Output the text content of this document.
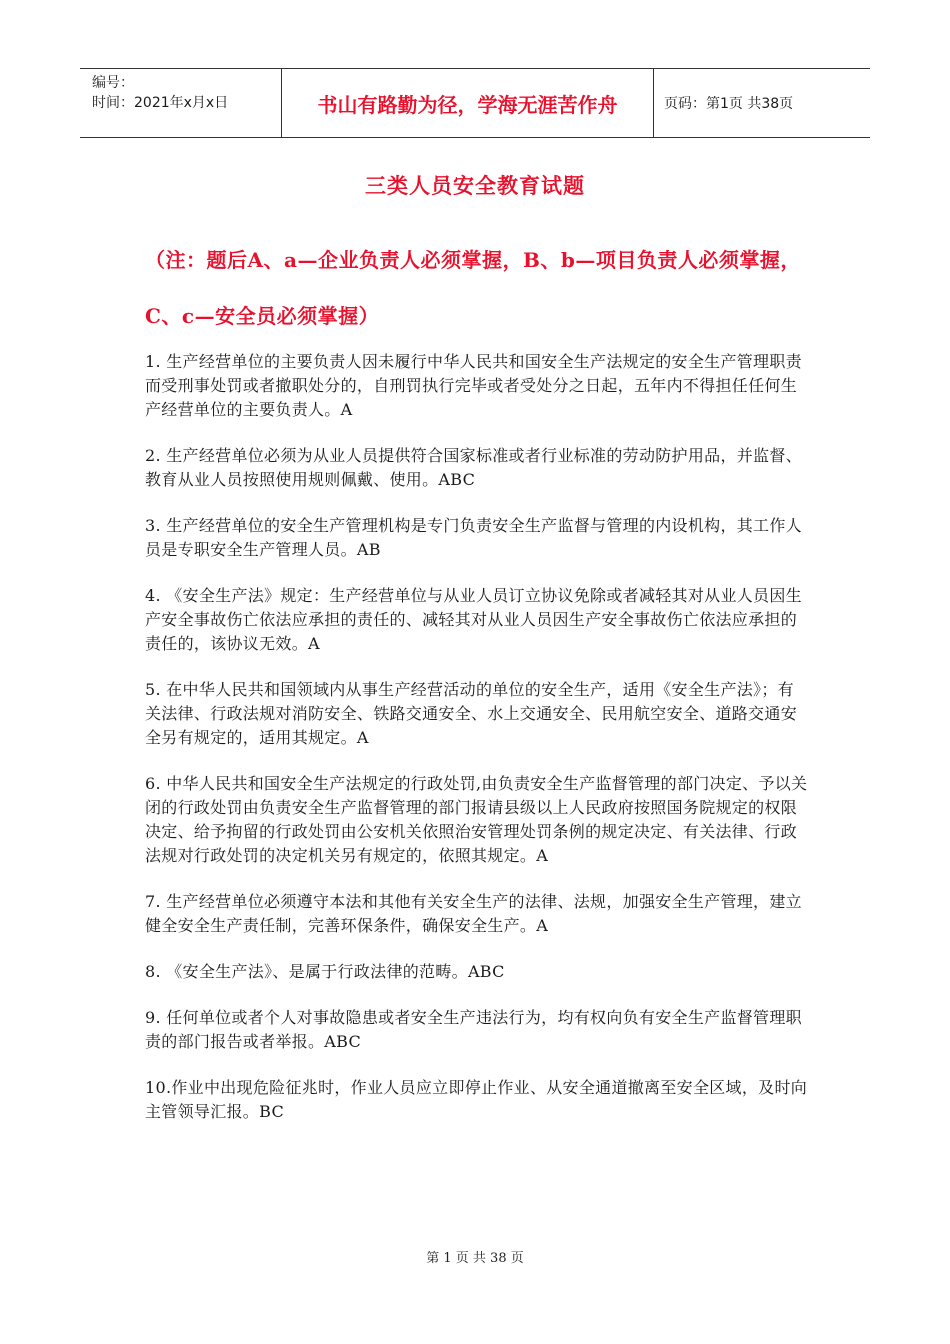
编号：
时间：2021年x月x日	书山有路勤为径，学海无涯苦作舟	页码：第1页 共38页
三类人员安全教育试题
（注：题后A、a—企业负责人必须掌握，B、b—项目负责人必须掌握，C、c—安全员必须掌握）

1. 生产经营单位的主要负责人因未履行中华人民共和国安全生产法规定的安全生产管理职责而受刑事处罚或者撤职处分的，自刑罚执行完毕或者受处分之日起，五年内不得担任任何生产经营单位的主要负责人。A

2. 生产经营单位必须为从业人员提供符合国家标准或者行业标准的劳动防护用品，并监督、教育从业人员按照使用规则佩戴、使用。ABC

3. 生产经营单位的安全生产管理机构是专门负责安全生产监督与管理的内设机构，其工作人员是专职安全生产管理人员。AB

4. 《安全生产法》规定：生产经营单位与从业人员订立协议免除或者减轻其对从业人员因生产安全事故伤亡依法应承担的责任的、减轻其对从业人员因生产安全事故伤亡依法应承担的责任的，该协议无效。A

5. 在中华人民共和国领域内从事生产经营活动的单位的安全生产，适用《安全生产法》；有关法律、行政法规对消防安全、铁路交通安全、水上交通安全、民用航空安全、道路交通安全另有规定的，适用其规定。A

6. 中华人民共和国安全生产法规定的行政处罚,由负责安全生产监督管理的部门决定、予以关闭的行政处罚由负责安全生产监督管理的部门报请县级以上人民政府按照国务院规定的权限决定、给予拘留的行政处罚由公安机关依照治安管理处罚条例的规定决定、有关法律、行政法规对行政处罚的决定机关另有规定的，依照其规定。A

7. 生产经营单位必须遵守本法和其他有关安全生产的法律、法规，加强安全生产管理，建立健全安全生产责任制，完善环保条件，确保安全生产。A

8. 《安全生产法》、是属于行政法律的范畴。ABC

9. 任何单位或者个人对事故隐患或者安全生产违法行为，均有权向负有安全生产监督管理职责的部门报告或者举报。ABC

10.作业中出现危险征兆时，作业人员应立即停止作业、从安全通道撤离至安全区域，及时向主管领导汇报。BC

第 1 页 共 38 页
